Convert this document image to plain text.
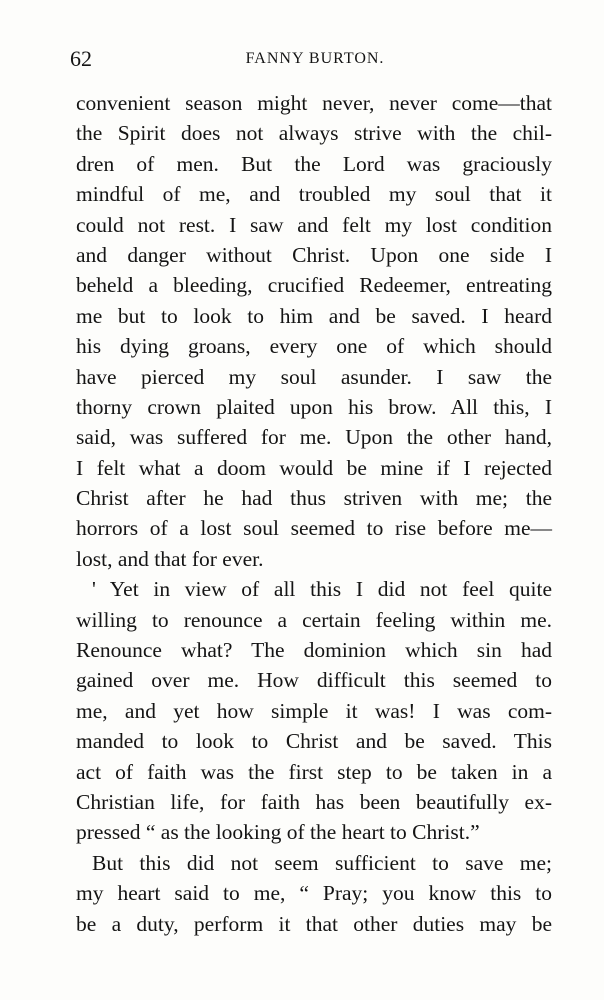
62	FANNY BURTON.
convenient season might never, never come—that
the Spirit does not always strive with the chil-
dren of men. But the Lord was graciously
mindful of me, and troubled my soul that it
could not rest. I saw and felt my lost condition
and danger without Christ. Upon one side I
beheld a bleeding, crucified Redeemer, entreating
me but to look to him and be saved. I heard
his dying groans, every one of which should
have pierced my soul asunder. I saw the
thorny crown plaited upon his brow. All this, I
said, was suffered for me. Upon the other hand,
I felt what a doom would be mine if I rejected
Christ after he had thus striven with me; the
horrors of a lost soul seemed to rise before me—
lost, and that for ever.
' Yet in view of all this I did not feel quite
willing to renounce a certain feeling within me.
Renounce what? The dominion which sin had
gained over me. How difficult this seemed to
me, and yet how simple it was! I was com-
manded to look to Christ and be saved. This
act of faith was the first step to be taken in a
Christian life, for faith has been beautifully ex-
pressed “ as the looking of the heart to Christ.”
But this did not seem sufficient to save me;
my heart said to me, “ Pray; you know this to
be a duty, perform it that other duties may be
